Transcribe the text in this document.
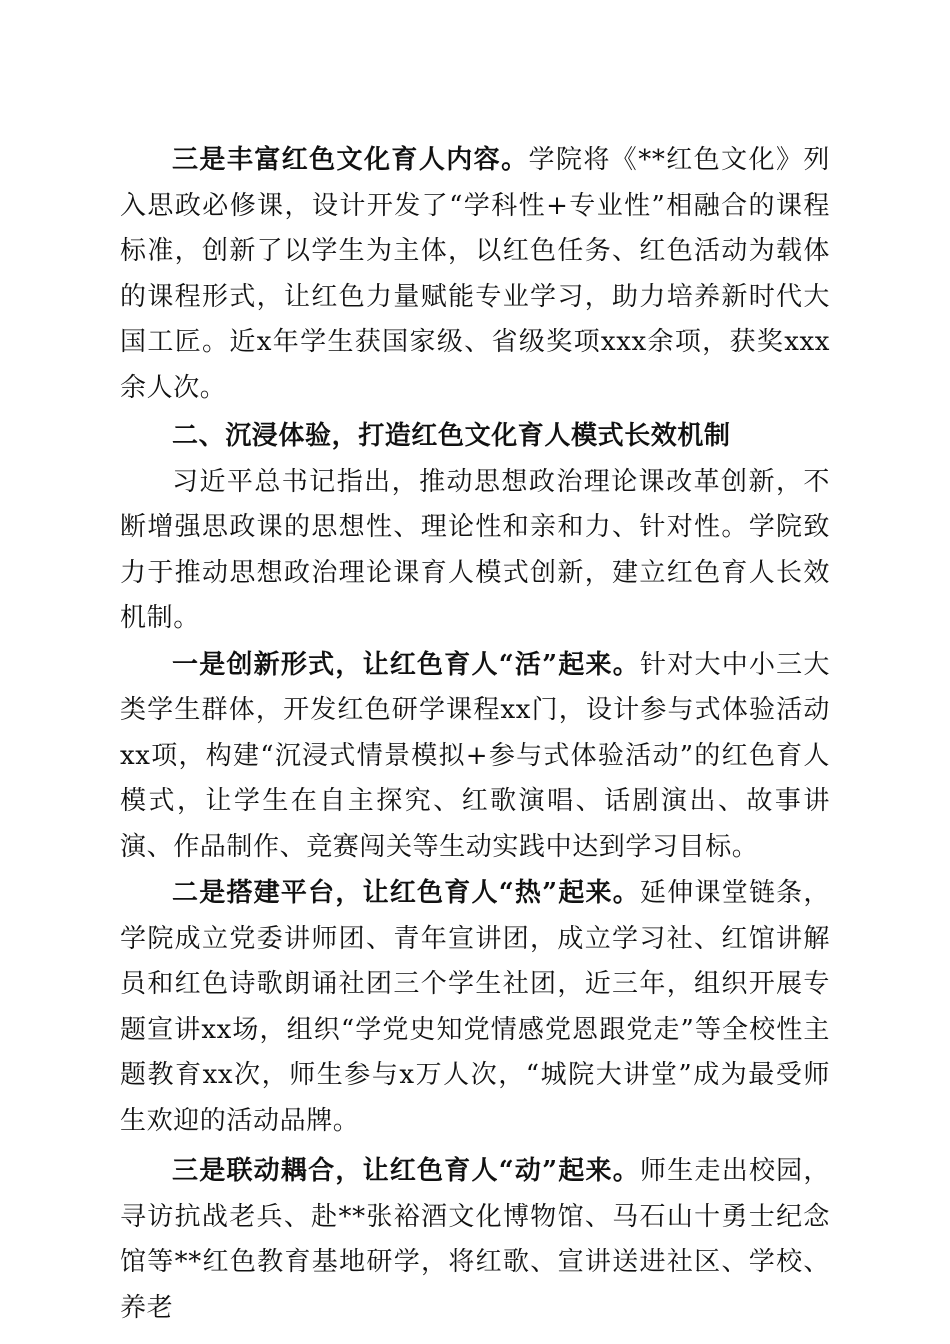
三是丰富红色文化育人内容。学院将《**红色文化》列入思政必修课，设计开发了“学科性+专业性”相融合的课程标准，创新了以学生为主体，以红色任务、红色活动为载体的课程形式，让红色力量赋能专业学习，助力培养新时代大国工匠。近x年学生获国家级、省级奖项xxx余项，获奖xxx余人次。

二、沉浸体验，打造红色文化育人模式长效机制

习近平总书记指出，推动思想政治理论课改革创新，不断增强思政课的思想性、理论性和亲和力、针对性。学院致力于推动思想政治理论课育人模式创新，建立红色育人长效机制。

一是创新形式，让红色育人“活”起来。针对大中小三大类学生群体，开发红色研学课程xx门，设计参与式体验活动xx项，构建“沉浸式情景模拟+参与式体验活动”的红色育人模式，让学生在自主探究、红歌演唱、话剧演出、故事讲演、作品制作、竞赛闯关等生动实践中达到学习目标。

二是搭建平台，让红色育人“热”起来。延伸课堂链条，学院成立党委讲师团、青年宣讲团，成立学习社、红馆讲解员和红色诗歌朗诵社团三个学生社团，近三年，组织开展专题宣讲xx场，组织“学党史知党情感党恩跟党走”等全校性主题教育xx次，师生参与x万人次，“城院大讲堂”成为最受师生欢迎的活动品牌。

三是联动耦合，让红色育人“动”起来。师生走出校园，寻访抗战老兵、赴**张裕酒文化博物馆、马石山十勇士纪念馆等**红色教育基地研学，将红歌、宣讲送进社区、学校、养老
